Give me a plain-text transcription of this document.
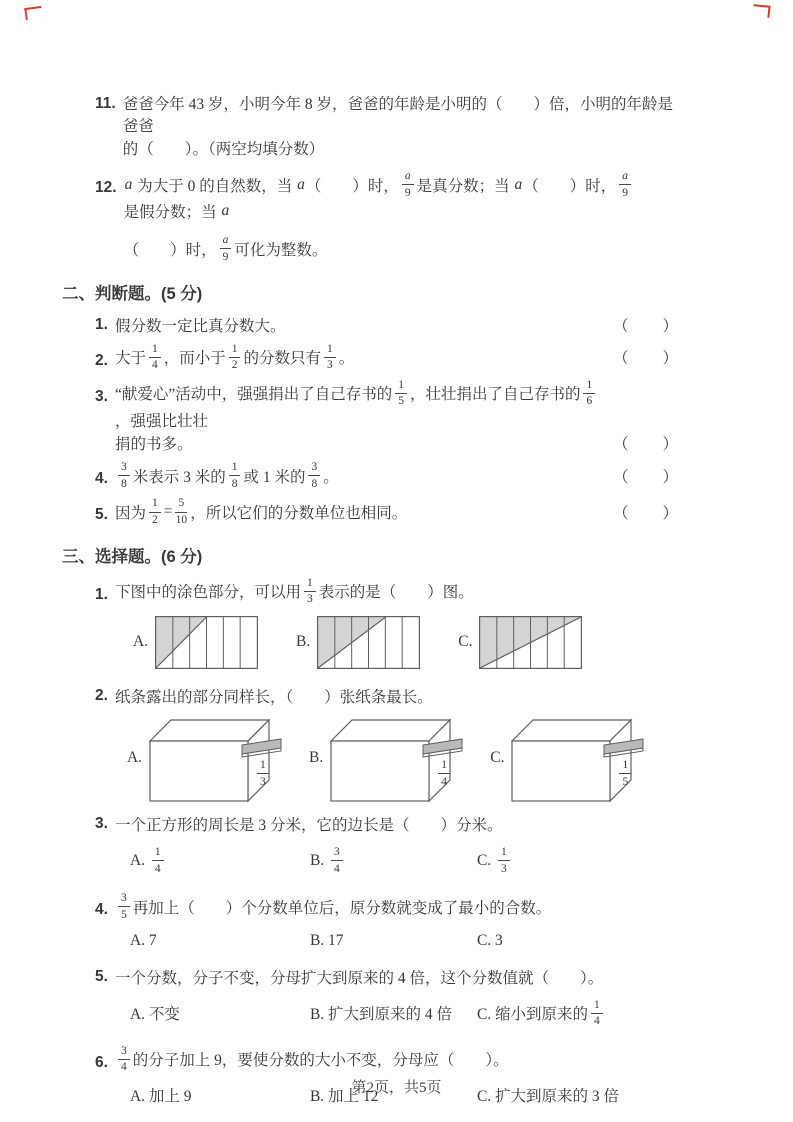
11. 爸爸今年 43 岁，小明今年 8 岁，爸爸的年龄是小明的（　　）倍，小明的年龄是爸爸
的（　　）。（两空均填分数）
12. a 为大于 0 的自然数，当 a （　　）时， $\frac{a}{9}$ 是真分数；当 a （　　）时， $\frac{a}{9}$
是假分数；当 a
（　　）时， $\frac{a}{9}$ 可化为整数。
二、判断题。(5 分)
1. 假分数一定比真分数大。	（　　）
2. 大于 $\frac{1}{4}$ ，而小于 $\frac{1}{2}$ 的分数只有 $\frac{1}{3}$ 。	（　　）
3. “献爱心”活动中，强强捐出了自己存书的 $\frac{1}{5}$ ，壮壮捐出了自己存书的 $\frac{1}{6}$
，强强比壮壮
捐的书多。	（　　）
4. $\frac{3}{8}$ 米表示 3 米的 $\frac{1}{8}$ 或 1 米的 $\frac{3}{8}$ 。	（　　）
5. 因为 $\frac{1}{2} = \frac{5}{10}$ ，所以它们的分数单位也相同。	（　　）
三、选择题。(6 分)
1. 下图中的涂色部分，可以用 $\frac{1}{3}$ 表示的是（　　）图。
A.	B.	C.
2. 纸条露出的部分同样长，（　　）张纸条最长。
A.
$\frac{1}{3}$
B.
$\frac{1}{4}$
C.
$\frac{1}{5}$
3. 一个正方形的周长是 3 分米，它的边长是（　　）分米。
A. $\frac{1}{4}$	B. $\frac{3}{4}$	C. $\frac{1}{3}$
4. $\frac{3}{5}$ 再加上（　　）个分数单位后，原分数就变成了最小的合数。
A. 7	B. 17	C. 3
5. 一个分数，分子不变，分母扩大到原来的 4 倍，这个分数值就（　　）。
A. 不变	B. 扩大到原来的 4 倍 C. 缩小到原来的 $\frac{1}{4}$
6. $\frac{3}{4}$ 的分子加上 9，要使分数的大小不变，分母应（　　）。
A. 加上 9	B. 加上 12	C. 扩大到原来的 3 倍
第2页，共5页
